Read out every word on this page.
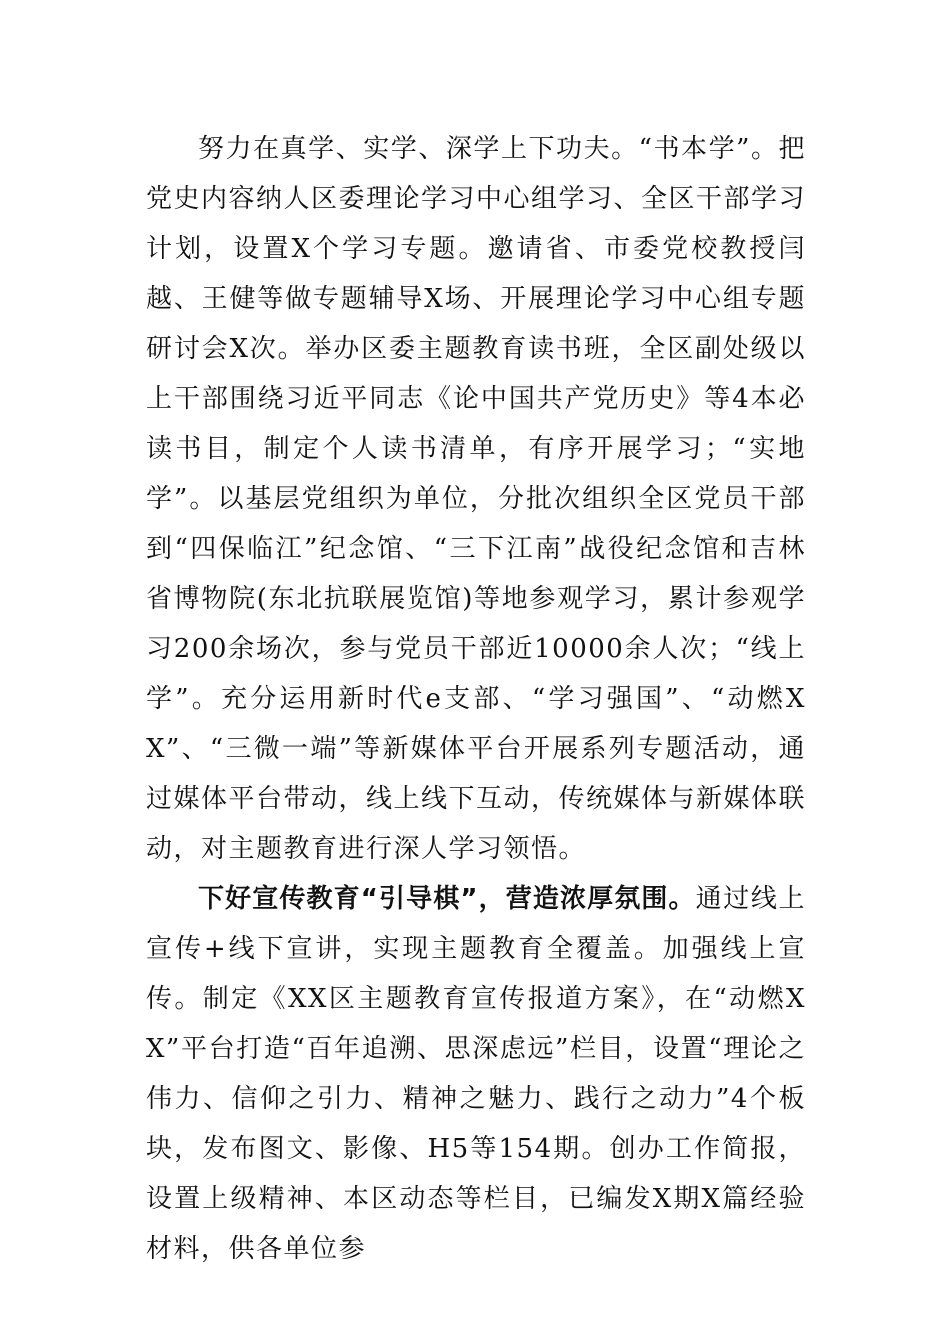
努力在真学、实学、深学上下功夫。“书本学”。把党史内容纳人区委理论学习中心组学习、全区干部学习计划，设置X个学习专题。邀请省、市委党校教授闫越、王健等做专题辅导X场、开展理论学习中心组专题研讨会X次。举办区委主题教育读书班，全区副处级以上干部围绕习近平同志《论中国共产党历史》等4本必读书目，制定个人读书清单，有序开展学习；“实地学”。以基层党组织为单位，分批次组织全区党员干部到“四保临江”纪念馆、“三下江南”战役纪念馆和吉林省博物院(东北抗联展览馆)等地参观学习，累计参观学习200余场次，参与党员干部近10000余人次；“线上学”。充分运用新时代e支部、“学习强国”、“动燃XX”、“三微一端”等新媒体平台开展系列专题活动，通过媒体平台带动，线上线下互动，传统媒体与新媒体联动，对主题教育进行深人学习领悟。

下好宣传教育“引导棋”，营造浓厚氛围。通过线上宣传+线下宣讲，实现主题教育全覆盖。加强线上宣传。制定《XX区主题教育宣传报道方案》，在“动燃XX”平台打造“百年追溯、思深虑远”栏目，设置“理论之伟力、信仰之引力、精神之魅力、践行之动力”4个板块，发布图文、影像、H5等154期。创办工作简报，设置上级精神、本区动态等栏目，已编发X期X篇经验材料，供各单位参
